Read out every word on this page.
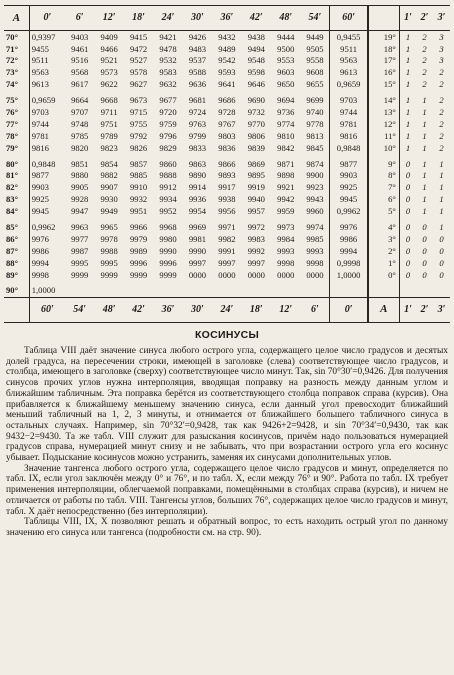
A	0′	6′	12′	18′	24′	30′	36′	42′	48′	54′	60′		1′	2′	3′
70°	0,9397	9403	9409	9415	9421	9426	9432	9438	9444	9449	0,9455	19°	1	2	3
71°	9455	9461	9466	9472	9478	9483	9489	9494	9500	9505	9511	18°	1	2	3
72°	9511	9516	9521	9527	9532	9537	9542	9548	9553	9558	9563	17°	1	2	3
73°	9563	9568	9573	9578	9583	9588	9593	9598	9603	9608	9613	16°	1	2	2
74°	9613	9617	9622	9627	9632	9636	9641	9646	9650	9655	0,9659	15°	1	2	2

75°	0,9659	9664	9668	9673	9677	9681	9686	9690	9694	9699	9703	14°	1	1	2
76°	9703	9707	9711	9715	9720	9724	9728	9732	9736	9740	9744	13°	1	1	2
77°	9744	9748	9751	9755	9759	9763	9767	9770	9774	9778	9781	12°	1	1	2
78°	9781	9785	9789	9792	9796	9799	9803	9806	9810	9813	9816	11°	1	1	2
79°	9816	9820	9823	9826	9829	9833	9836	9839	9842	9845	0,9848	10°	1	1	2

80°	0,9848	9851	9854	9857	9860	9863	9866	9869	9871	9874	9877	9°	0	1	1
81°	9877	9880	9882	9885	9888	9890	9893	9895	9898	9900	9903	8°	0	1	1
82°	9903	9905	9907	9910	9912	9914	9917	9919	9921	9923	9925	7°	0	1	1
83°	9925	9928	9930	9932	9934	9936	9938	9940	9942	9943	9945	6°	0	1	1
84°	9945	9947	9949	9951	9952	9954	9956	9957	9959	9960	0,9962	5°	0	1	1

85°	0,9962	9963	9965	9966	9968	9969	9971	9972	9973	9974	9976	4°	0	0	1
86°	9976	9977	9978	9979	9980	9981	9982	9983	9984	9985	9986	3°	0	0	0
87°	9986	9987	9988	9989	9990	9990	9991	9992	9993	9993	9994	2°	0	0	0
88°	9994	9995	9995	9996	9996	9997	9997	9997	9998	9998	0,9998	1°	0	0	0
89°	9998	9999	9999	9999	9999	0000	0000	0000	0000	0000	1,0000	0°	0	0	0

90°	1,0000														
	60′	54′	48′	42′	36′	30′	24′	18′	12′	6′	0′	A	1′	2′	3′
КОСИНУСЫ

Таблица VIII даёт значение синуса любого острого угла, содержащего целое число градусов и десятых долей градуса, на пересечении строки, имеющей в заголовке (слева) соответствующее число градусов, и столбца, имеющего в заголовке (сверху) соответствующее число минут. Так, sin 70°30′=0,9426. Для получения синусов прочих углов нужна интерполяция, вводящая поправку на разность между данным углом и ближайшим табличным. Эта поправка берётся из соответствующего столбца поправок справа (курсив). Она прибавляется к ближайшему меньшему значению синуса, если данный угол превосходит ближайший меньший табличный на 1, 2, 3 минуты, и отнимается от ближайшего большего табличного синуса в остальных случаях. Например, sin 70°32′=0,9428, так как 9426+2=9428, и sin 70°34′=0,9430, так как 9432−2=9430. Та же табл. VIII служит для разыскания косинусов, причём надо пользоваться нумерацией градусов справа, нумерацией минут снизу и не забывать, что при возрастании острого угла его косинус убывает. Подыскание косинусов можно устранить, заменяя их синусами дополнительных углов.

Значение тангенса любого острого угла, содержащего целое число градусов и минут, определяется по табл. IX, если угол заключён между 0° и 76°, и по табл. X, если между 76° и 90°. Работа по табл. IX требует применения интерполяции, облегчаемой поправками, помещёнными в столбцах справа (курсив), и ничем не отличается от работы по табл. VIII. Тангенсы углов, больших 76°, содержащих целое число градусов и минут, табл. X даёт непосредственно (без интерполяции).

Таблицы VIII, IX, X позволяют решать и обратный вопрос, то есть находить острый угол по данному значению его синуса или тангенса (подробности см. на стр. 90).
